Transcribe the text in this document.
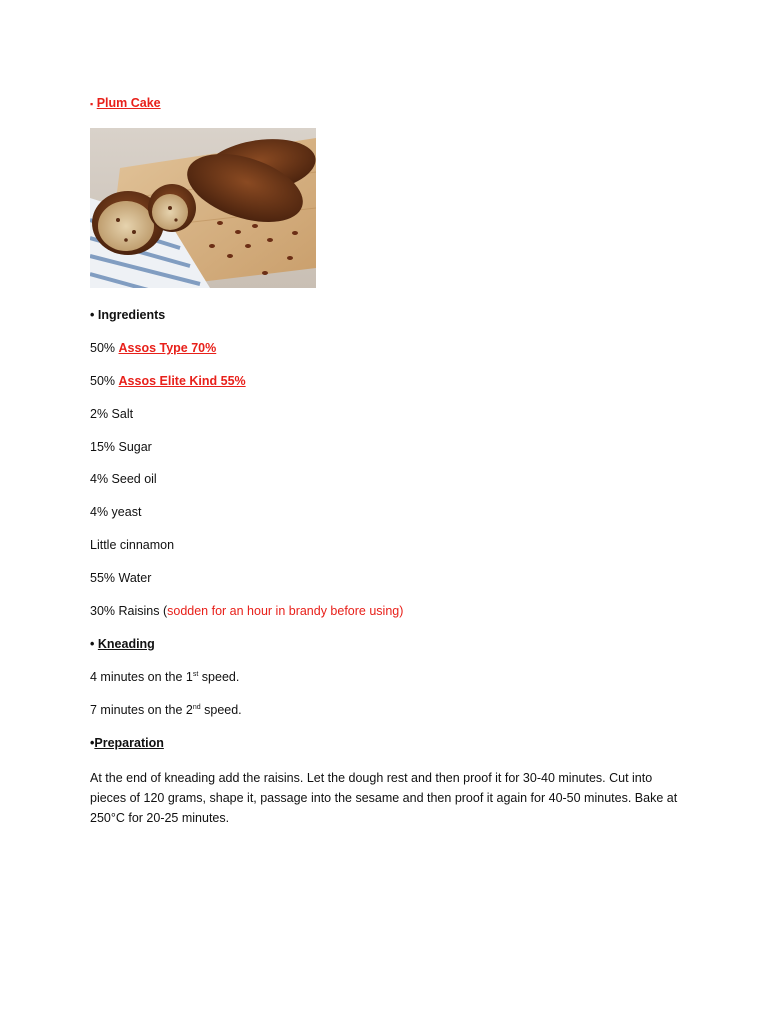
▪ Plum Cake
• Ingredients
50% Assos Type 70%
50% Assos Elite Kind 55%
2% Salt
15% Sugar
4% Seed oil
4% yeast
Little cinnamon
55% Water
30% Raisins (sodden for an hour in brandy before using)
• Kneading
4 minutes on the 1st speed.
7 minutes on the 2nd speed.
•Preparation
At the end of kneading add the raisins. Let the dough rest and then proof it for 30-40 minutes. Cut into pieces of 120 grams, shape it, passage into the sesame and then proof it again for 40-50 minutes. Bake at 250°C for 20-25 minutes.
